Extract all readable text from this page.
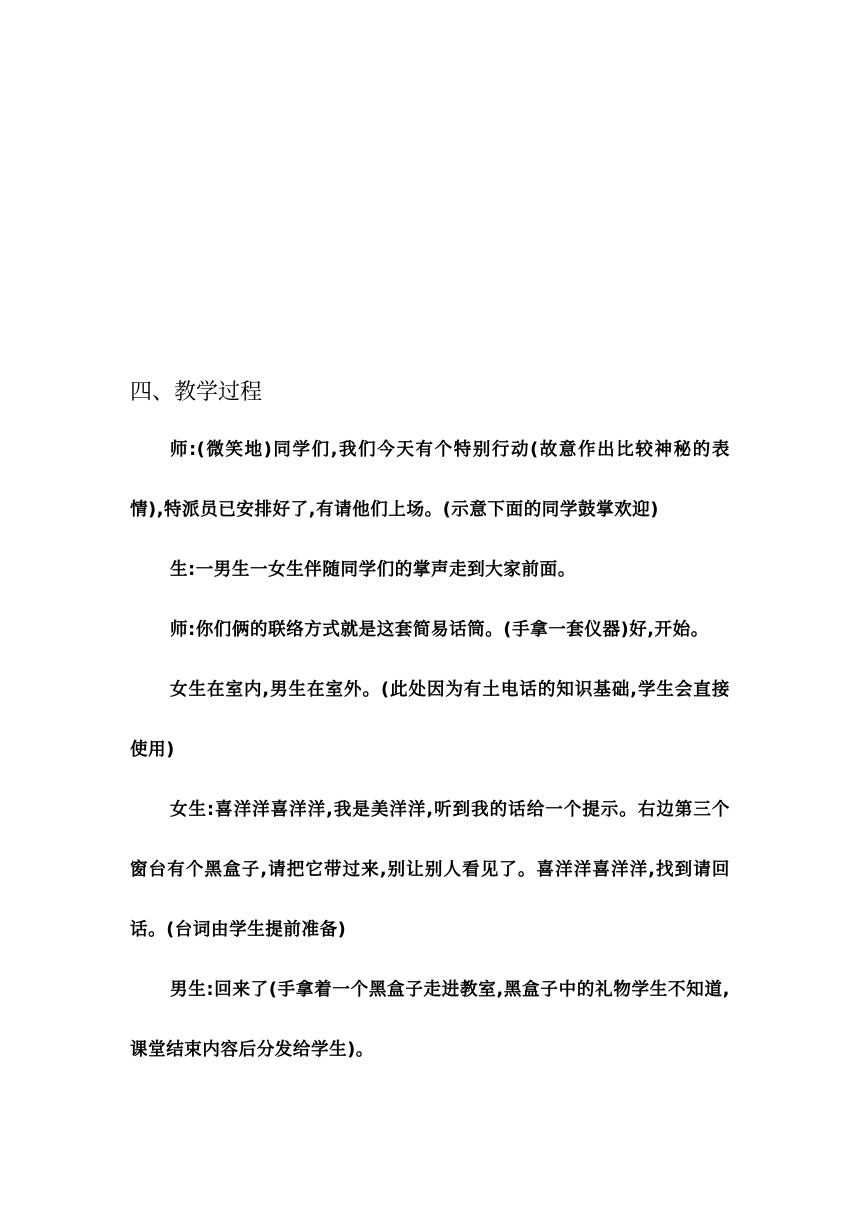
四、教学过程

师:(微笑地)同学们,我们今天有个特别行动(故意作出比较神秘的表情),特派员已安排好了,有请他们上场。(示意下面的同学鼓掌欢迎)

生:一男生一女生伴随同学们的掌声走到大家前面。

师:你们俩的联络方式就是这套简易话筒。(手拿一套仪器)好,开始。

女生在室内,男生在室外。(此处因为有土电话的知识基础,学生会直接使用)

女生:喜洋洋喜洋洋,我是美洋洋,听到我的话给一个提示。右边第三个窗台有个黑盒子,请把它带过来,别让别人看见了。喜洋洋喜洋洋,找到请回话。(台词由学生提前准备)

男生:回来了(手拿着一个黑盒子走进教室,黑盒子中的礼物学生不知道,课堂结束内容后分发给学生)。
